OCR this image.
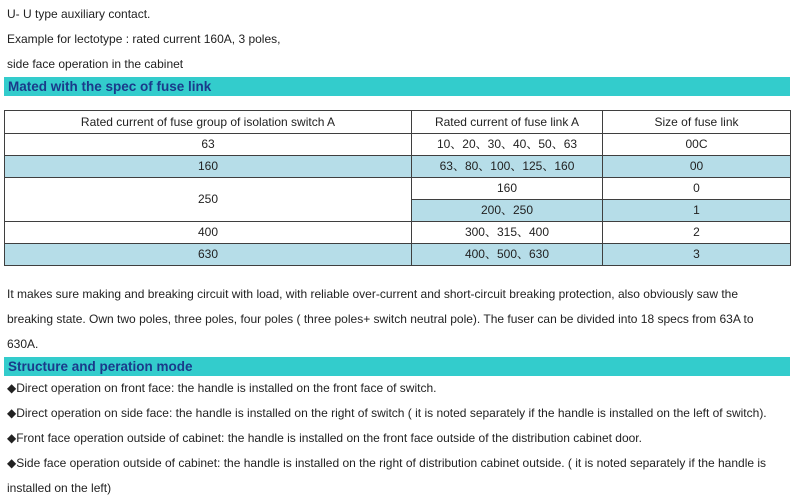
U- U type auxiliary contact.
Example for lectotype : rated current 160A, 3 poles,
side face operation in the cabinet
Mated with the spec of fuse link
Rated current of fuse group of isolation switch A	Rated current of fuse link A	Size of fuse link
63	10、20、30、40、50、63	00C
160	63、80、100、125、160	00
250	160	0
	200、250	1
400	300、315、400	2
630	400、500、630	3
It makes sure making and breaking circuit with load, with reliable over-current and short-circuit breaking protection, also obviously saw the
breaking state. Own two poles, three poles, four poles ( three poles+ switch neutral pole). The fuser can be divided into 18 specs from 63A to
630A.
Structure and peration mode
◆Direct operation on front face: the handle is installed on the front face of switch.
◆Direct operation on side face: the handle is installed on the right of switch ( it is noted separately if the handle is installed on the left of switch).
◆Front face operation outside of cabinet: the handle is installed on the front face outside of the distribution cabinet door.
◆Side face operation outside of cabinet: the handle is installed on the right of distribution cabinet outside. ( it is noted separately if the handle is
installed on the left)
